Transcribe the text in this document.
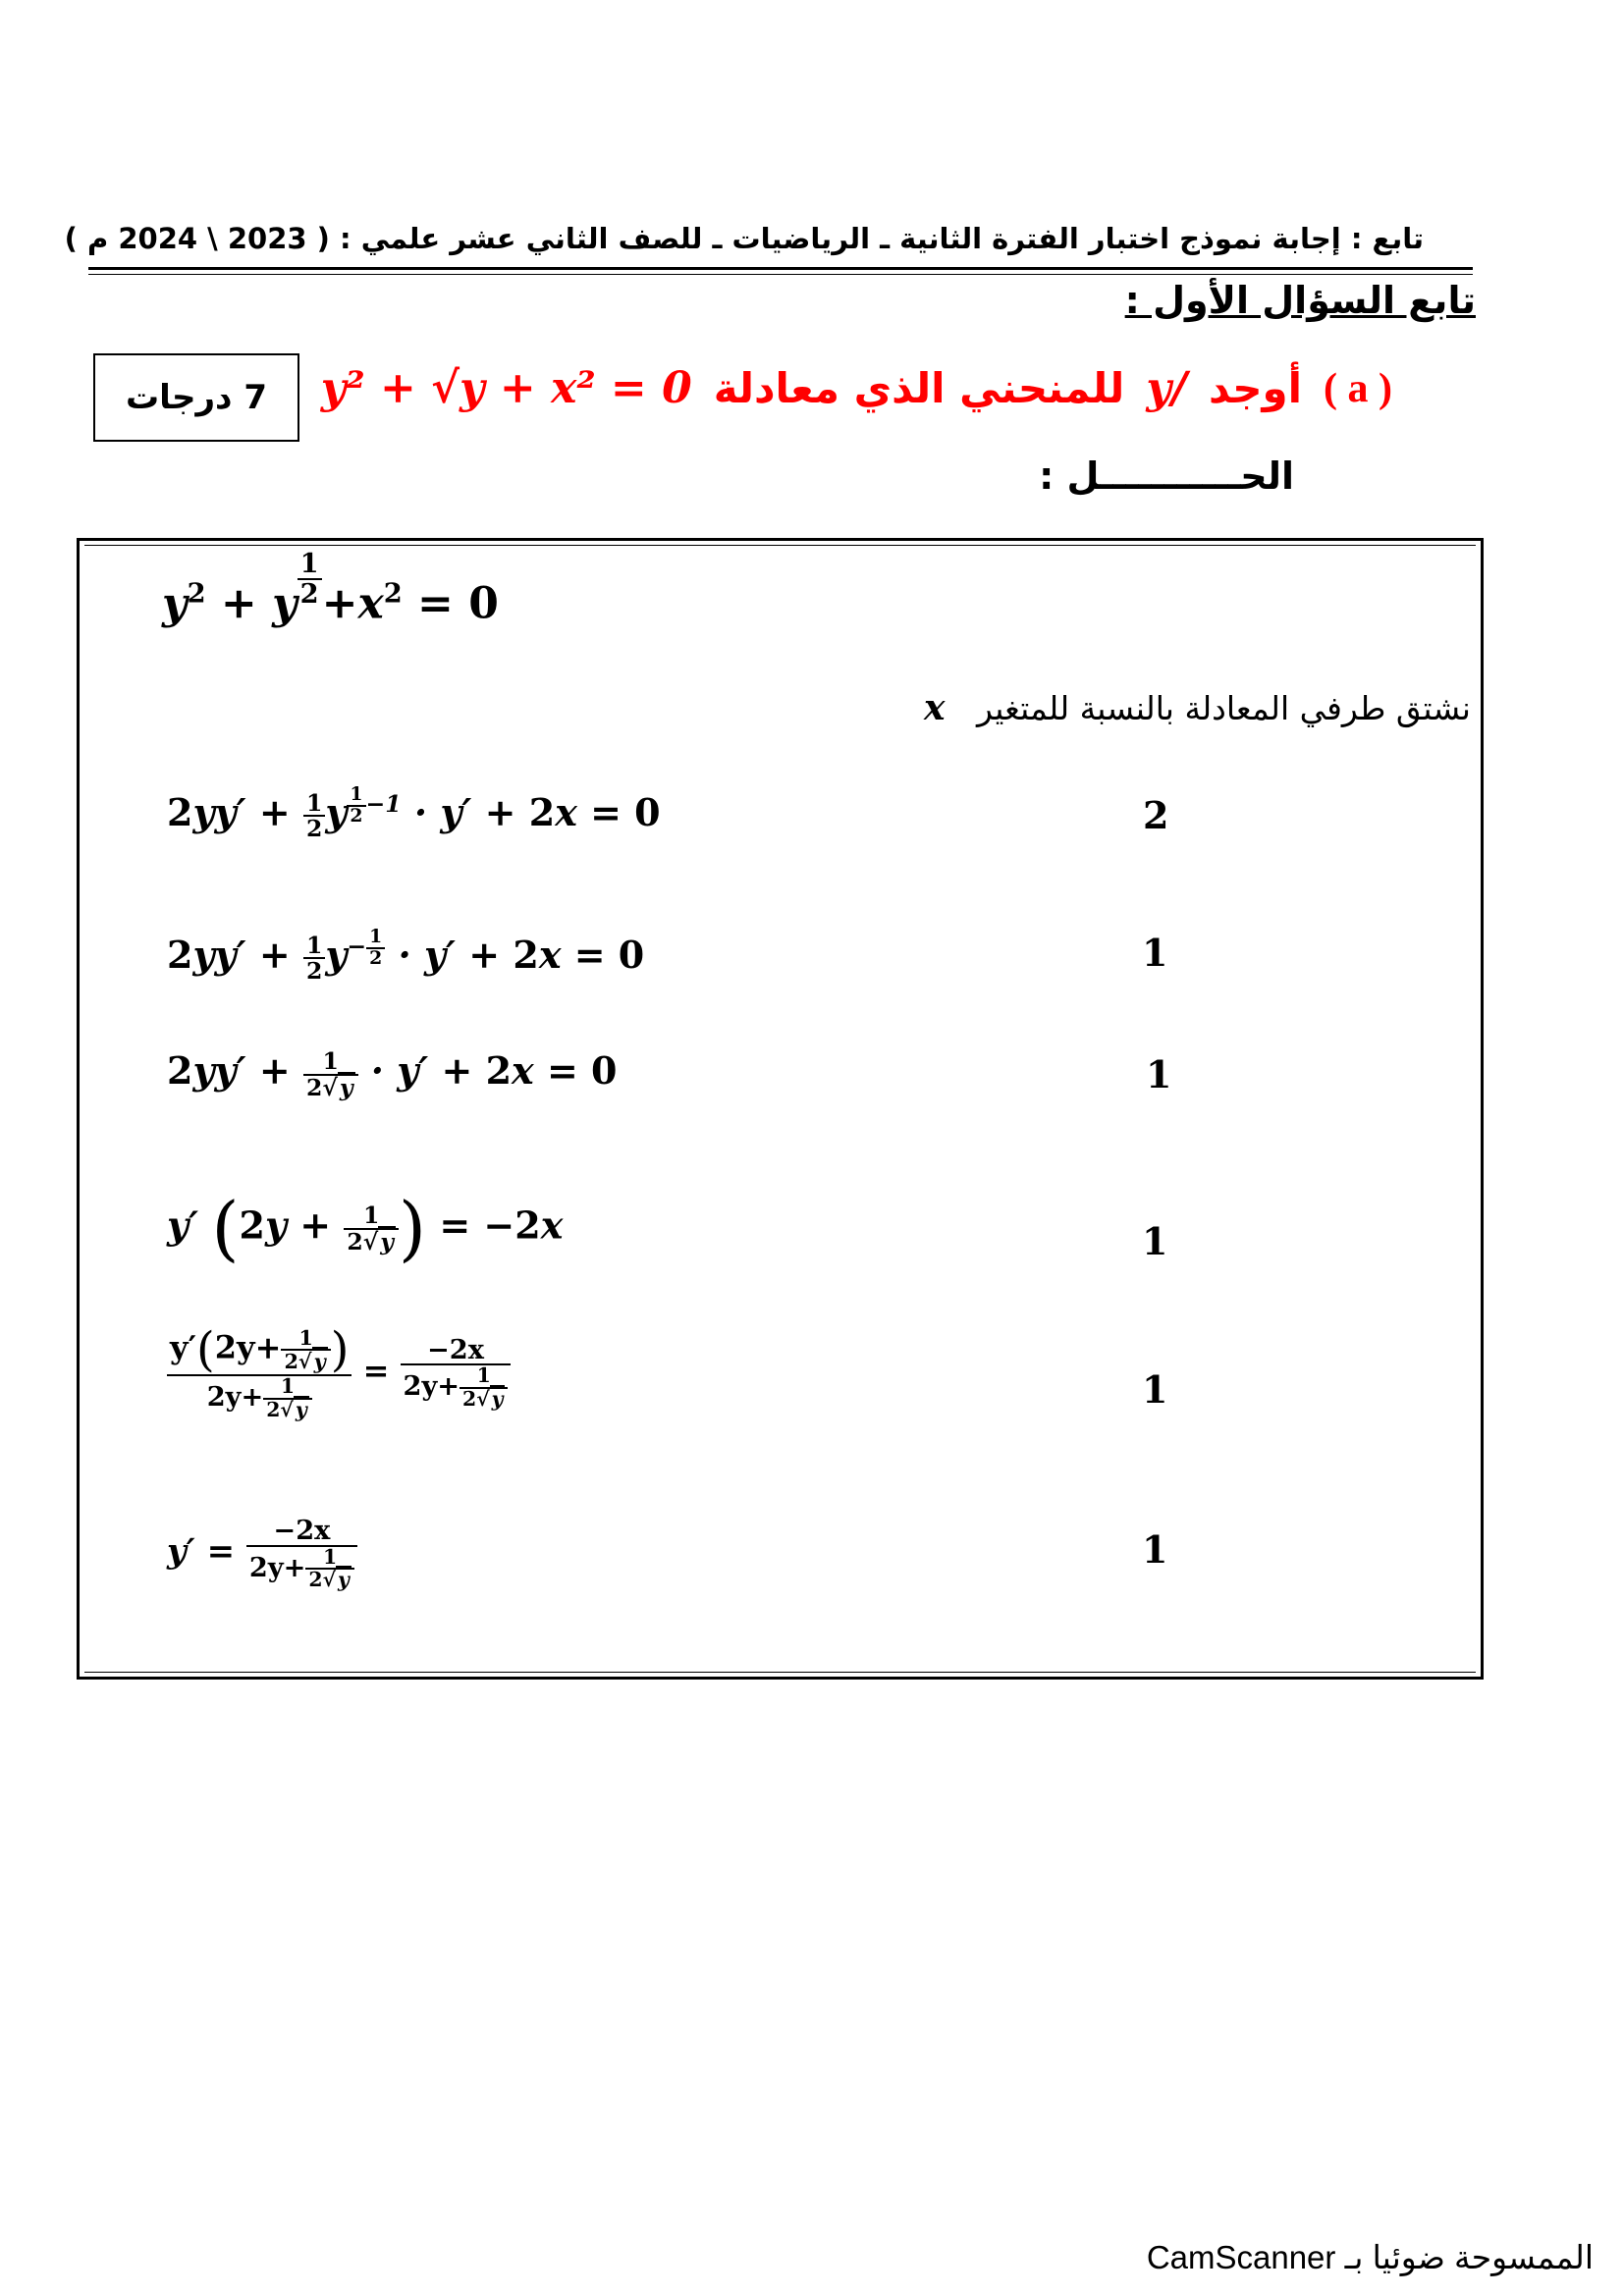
تابع : إجابة نموذج اختبار الفترة الثانية ـ الرياضيات ـ للصف الثاني عشر علمي : ( 2023 \ 2024 م )
تابع السؤال الأول :
7 درجات	( a )
أوجد
y/
للمنحني الذي معادلة
y² + √y + x² = 0
الحـــــــــــل :
$y^2 + y$ $^{\frac{1}{2}} +x^2 = 0$
نشتق طرفي المعادلة بالنسبة للمتغير x
$2yy' + \frac{1}{2}$ y $^{\frac{1}{2} -1}$ · y′ + 2x = 0	2
$2yy' + \frac{1}{2} y^{- \frac{1}{2}} \cdot y' + 2x = 0$	1
$2yy' + \frac{1}{2√y} \cdot y' + 2x = 0$	1
y′ ($2y + \frac{1}{2√y}$ ) = −2x	1
$\frac{y'(2y+ \frac{1}{2√y} )}{2y+ \frac{1}{2√y}} = \frac{-2x}{2y+ \frac{1}{2√y}}$	1
$y' = \frac{-2x}{2y+ \frac{1}{2√y}}$	1
الممسوحة ضوئيا بـ CamScanner
